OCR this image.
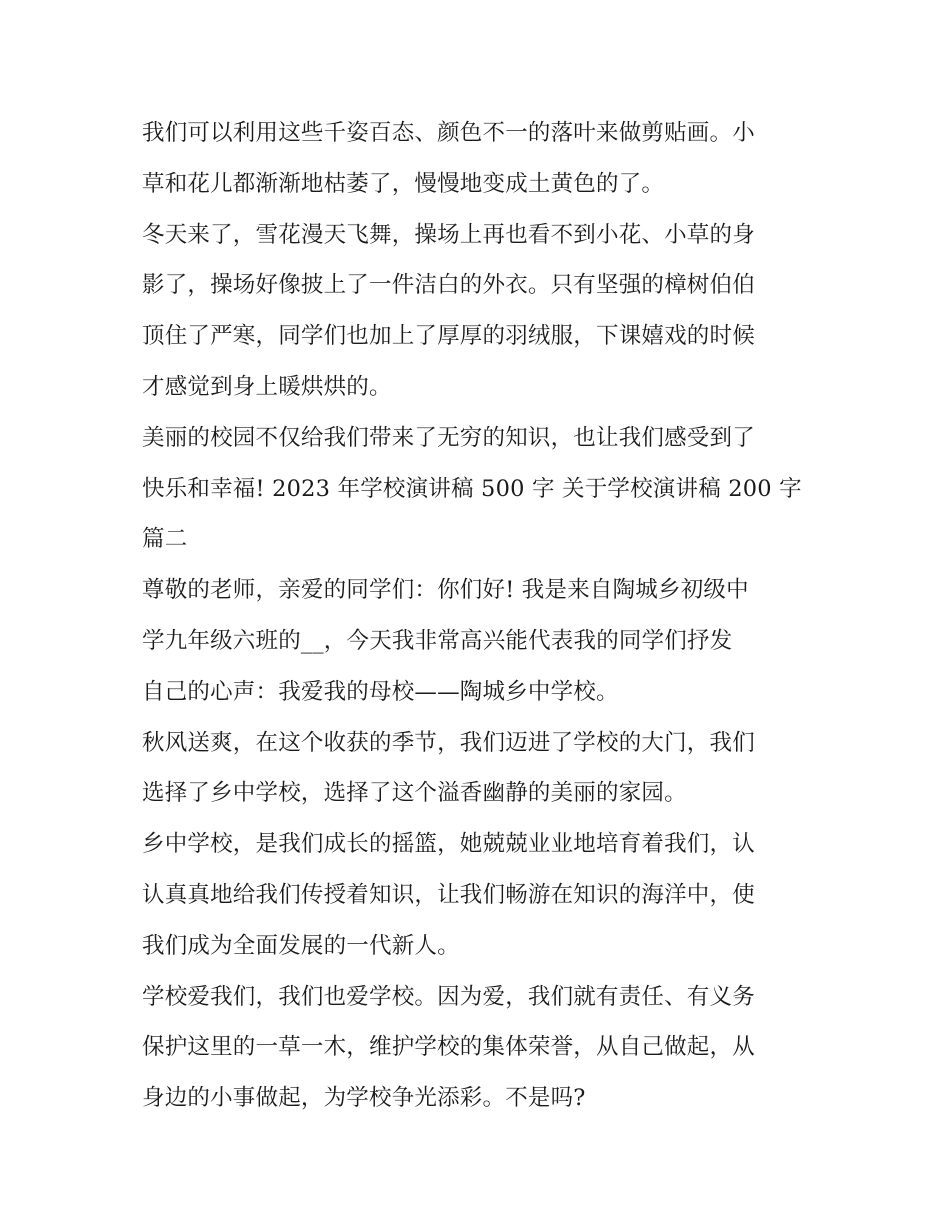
我们可以利用这些千姿百态、颜色不一的落叶来做剪贴画。小
草和花儿都渐渐地枯萎了，慢慢地变成土黄色的了。
冬天来了，雪花漫天飞舞，操场上再也看不到小花、小草的身
影了，操场好像披上了一件洁白的外衣。只有坚强的樟树伯伯
顶住了严寒，同学们也加上了厚厚的羽绒服，下课嬉戏的时候
才感觉到身上暖烘烘的。
美丽的校园不仅给我们带来了无穷的知识，也让我们感受到了
快乐和幸福! 2023 年学校演讲稿 500 字 关于学校演讲稿 200 字
篇二
尊敬的老师，亲爱的同学们：你们好! 我是来自陶城乡初级中
学九年级六班的__，今天我非常高兴能代表我的同学们抒发
自己的心声：我爱我的母校——陶城乡中学校。
秋风送爽，在这个收获的季节，我们迈进了学校的大门，我们
选择了乡中学校，选择了这个溢香幽静的美丽的家园。
乡中学校，是我们成长的摇篮，她兢兢业业地培育着我们，认
认真真地给我们传授着知识，让我们畅游在知识的海洋中，使
我们成为全面发展的一代新人。
学校爱我们，我们也爱学校。因为爱，我们就有责任、有义务
保护这里的一草一木，维护学校的集体荣誉，从自己做起，从
身边的小事做起，为学校争光添彩。不是吗?
